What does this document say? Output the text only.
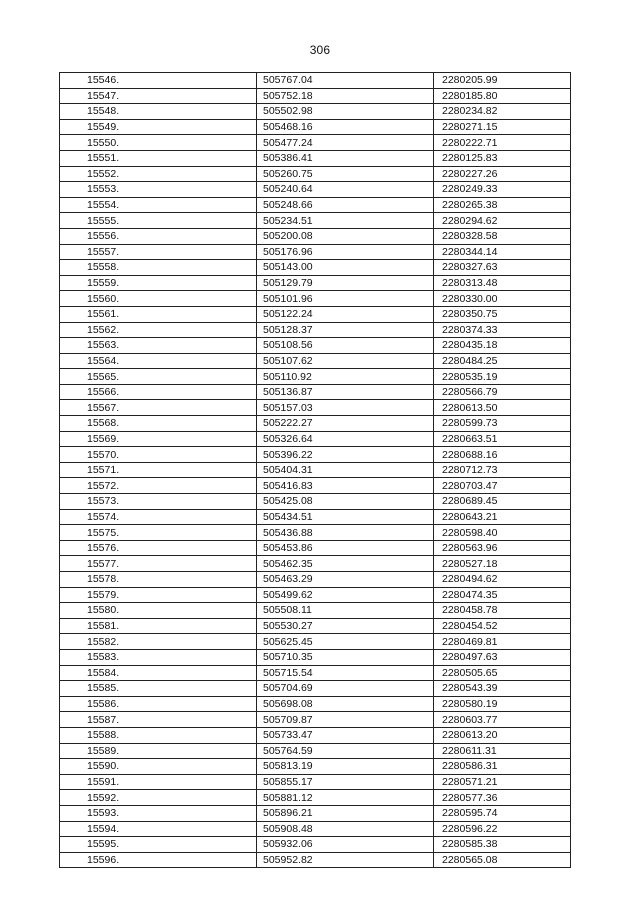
306
15546.	505767.04	2280205.99
15547.	505752.18	2280185.80
15548.	505502.98	2280234.82
15549.	505468.16	2280271.15
15550.	505477.24	2280222.71
15551.	505386.41	2280125.83
15552.	505260.75	2280227.26
15553.	505240.64	2280249.33
15554.	505248.66	2280265.38
15555.	505234.51	2280294.62
15556.	505200.08	2280328.58
15557.	505176.96	2280344.14
15558.	505143.00	2280327.63
15559.	505129.79	2280313.48
15560.	505101.96	2280330.00
15561.	505122.24	2280350.75
15562.	505128.37	2280374.33
15563.	505108.56	2280435.18
15564.	505107.62	2280484.25
15565.	505110.92	2280535.19
15566.	505136.87	2280566.79
15567.	505157.03	2280613.50
15568.	505222.27	2280599.73
15569.	505326.64	2280663.51
15570.	505396.22	2280688.16
15571.	505404.31	2280712.73
15572.	505416.83	2280703.47
15573.	505425.08	2280689.45
15574.	505434.51	2280643.21
15575.	505436.88	2280598.40
15576.	505453.86	2280563.96
15577.	505462.35	2280527.18
15578.	505463.29	2280494.62
15579.	505499.62	2280474.35
15580.	505508.11	2280458.78
15581.	505530.27	2280454.52
15582.	505625.45	2280469.81
15583.	505710.35	2280497.63
15584.	505715.54	2280505.65
15585.	505704.69	2280543.39
15586.	505698.08	2280580.19
15587.	505709.87	2280603.77
15588.	505733.47	2280613.20
15589.	505764.59	2280611.31
15590.	505813.19	2280586.31
15591.	505855.17	2280571.21
15592.	505881.12	2280577.36
15593.	505896.21	2280595.74
15594.	505908.48	2280596.22
15595.	505932.06	2280585.38
15596.	505952.82	2280565.08
